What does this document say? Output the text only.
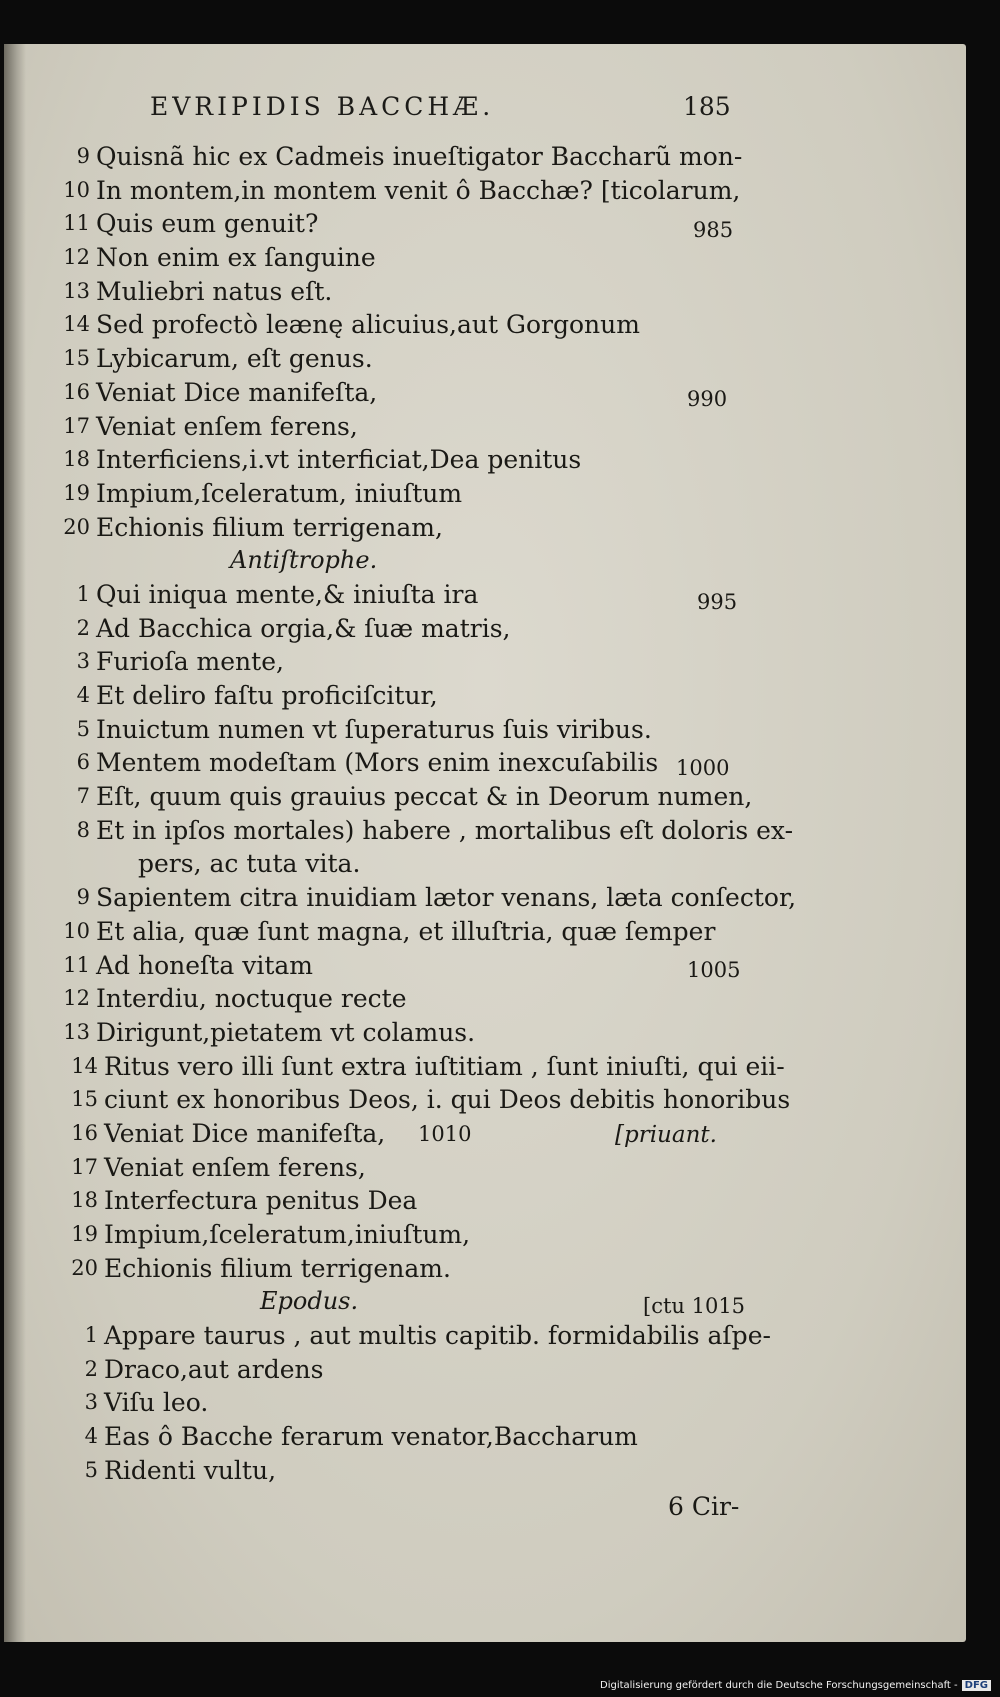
EVRIPIDIS BACCHÆ.	185
9 Quisnã hic ex Cadmeis inueſtigator Baccharũ mon-
10 In montem,in montem venit ô Bacchæ? [ticolarum,
11 Quis eum genuit?
12 Non enim ex ſanguine
13 Muliebri natus eſt.
14 Sed profectò leænę alicuius,aut Gorgonum
15 Lybicarum, eſt genus.
16 Veniat Dice manifeſta,
17 Veniat enſem ferens,
18 Interficiens,i.vt interficiat,Dea penitus
19 Impium,ſceleratum, iniuſtum
20 Echionis filium terrigenam,
Antiſtrophe.
1 Qui iniqua mente,& iniuſta ira
2 Ad Bacchica orgia,& ſuæ matris,
3 Furioſa mente,
4 Et deliro faſtu proficiſcitur,
5 Inuictum numen vt ſuperaturus ſuis viribus.
6 Mentem modeſtam (Mors enim inexcuſabilis
7 Eſt, quum quis grauius peccat & in Deorum numen,
8 Et in ipſos mortales) habere , mortalibus eſt doloris ex-
pers, ac tuta vita.
9 Sapientem citra inuidiam lætor venans, læta conſector,
10 Et alia, quæ ſunt magna, et illuſtria, quæ ſemper
11 Ad honeſta vitam
12 Interdiu, noctuque recte
13 Dirigunt,pietatem vt colamus.
14 Ritus vero illi ſunt extra iuſtitiam , ſunt iniuſti, qui eii-
15 ciunt ex honoribus Deos, i. qui Deos debitis honoribus
16 Veniat Dice manifeſta,
17 Veniat enſem ferens,
18 Interfectura penitus Dea
19 Impium,ſceleratum,iniuſtum,
20 Echionis filium terrigenam.
Epodus.
1 Appare taurus , aut multis capitib. formidabilis aſpe-
2 Draco,aut ardens
3 Viſu leo.
4 Eas ô Bacche ferarum venator,Baccharum
5 Ridenti vultu,
985
990
995
1000
1005
1010	[priuant.
[ctu 1015
6 Cir-
Digitalisierung gefördert durch die Deutsche Forschungsgemeinschaft - DFG
